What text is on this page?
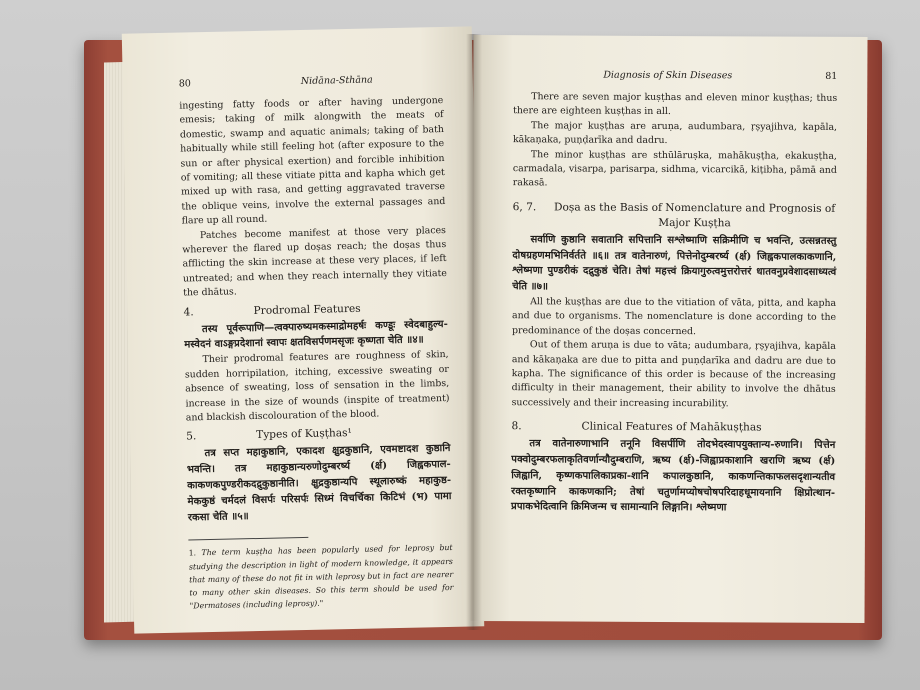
80	Nidāna-Sthāna

ingesting fatty foods or after having undergone emesis; taking of milk alongwith the meats of domestic, swamp and aquatic animals; taking of bath habitually while still feeling hot (after exposure to the sun or after physical exertion) and forcible inhibition of vomiting; all these vitiate pitta and kapha which get mixed up with rasa, and getting aggravated traverse the oblique veins, involve the external passages and flare up all round.

Patches become manifest at those very places wherever the flared up doṣas reach; the doṣas thus afflicting the skin increase at these very places, if left untreated; and when they reach internally they vitiate the dhātus.

4.	Prodromal Features

तस्य पूर्वरूपाणि—त्वक्पारुष्यमकस्माद्रोमहर्षः कण्डूः स्वेदबाहुल्य-मस्वेदनं वाऽङ्गप्रदेशानां स्वापः क्षतविसर्पणमसृजः कृष्णता चेति ॥४॥

Their prodromal features are roughness of skin, sudden horripilation, itching, excessive sweating or absence of sweating, loss of sensation in the limbs, increase in the size of wounds (inspite of treatment) and blackish discolouration of the blood.

5.	Types of Kuṣṭhas¹

तत्र सप्त महाकुष्ठानि, एकादश क्षुद्रकुष्ठानि, एवमष्टादश कुष्ठानि भवन्ति। तत्र महाकुष्ठान्यरुणोदुम्बरर्ष्य (र्क्ष) जिह्वकपाल-काकणकपुण्डरीकदद्रुकुष्ठानीति। क्षुद्रकुष्ठान्यपि स्थूलारुष्कं महाकुष्ठ-मेककुष्ठं चर्मदलं विसर्पः परिसर्पः सिध्मं विचर्चिका किटिभं (भ) पामा रकसा चेति ॥५॥

1. The term kuṣṭha has been popularly used for leprosy but studying the description in light of modern knowledge, it appears that many of these do not fit in with leprosy but in fact are nearer to many other skin diseases. So this term should be used for "Dermatoses (including leprosy)."

Diagnosis of Skin Diseases	81

There are seven major kuṣṭhas and eleven minor kuṣṭhas; thus there are eighteen kuṣṭhas in all.

The major kuṣṭhas are aruṇa, audumbara, ṛṣyajihva, kapāla, kākaṇaka, puṇḍarīka and dadru.

The minor kuṣṭhas are sthūlāruṣka, mahākuṣṭha, ekakuṣṭha, carmadala, visarpa, parisarpa, sidhma, vicarcikā, kiṭibha, pāmā and rakasā.

6, 7.	Doṣa as the Basis of Nomenclature and Prognosis of Major Kuṣṭha

सर्वाणि कुष्ठानि सवातानि सपित्तानि सश्लेष्माणि सक्रिमीणि च भवन्ति, उत्सन्नतस्तु दोषग्रहणमभिनिर्वर्तते ॥६॥ तत्र वातेनारुणं, पित्तेनोदुम्बरर्ष्य (र्क्ष) जिह्वकपालकाकणानि, श्लेष्मणा पुण्डरीकं दद्रुकुष्ठं चेति। तेषां महत्त्वं क्रियागुरुत्वमुत्तरोत्तरं धातवनुप्रवेशादसाध्यत्वं चेति ॥७॥

All the kuṣṭhas are due to the vitiation of vāta, pitta, and kapha and due to organisms. The nomenclature is done according to the predominance of the doṣas concerned.

Out of them aruṇa is due to vāta; audumbara, ṛṣyajihva, kapāla and kākaṇaka are due to pitta and puṇḍarīka and dadru are due to kapha. The significance of this order is because of the increasing difficulty in their management, their ability to involve the dhātus successively and their increasing incurability.

8.	Clinical Features of Mahākuṣṭhas

तत्र वातेनारुणाभानि तनूनि विसर्पीणि तोदभेदस्वापयुक्तान्य-रुणानि। पित्तेन पक्वोदुम्बरफलाकृतिवर्णान्यौदुम्बराणि, ऋष्य (र्क्ष)-जिह्वाप्रकाशानि खराणि ऋष्य (र्क्ष) जिह्वानि, कृष्णकपालिकाप्रका-शानि कपालकुष्ठानि, काकणन्तिकाफलसदृशान्यतीव रक्तकृष्णानि काकणकानि; तेषां चतुर्णामप्योषचोषपरिदाहधूमायनानि क्षिप्रोत्थान-प्रपाकभेदित्वानि क्रिमिजन्म च सामान्यानि लिङ्गानि। श्लेष्मणा
